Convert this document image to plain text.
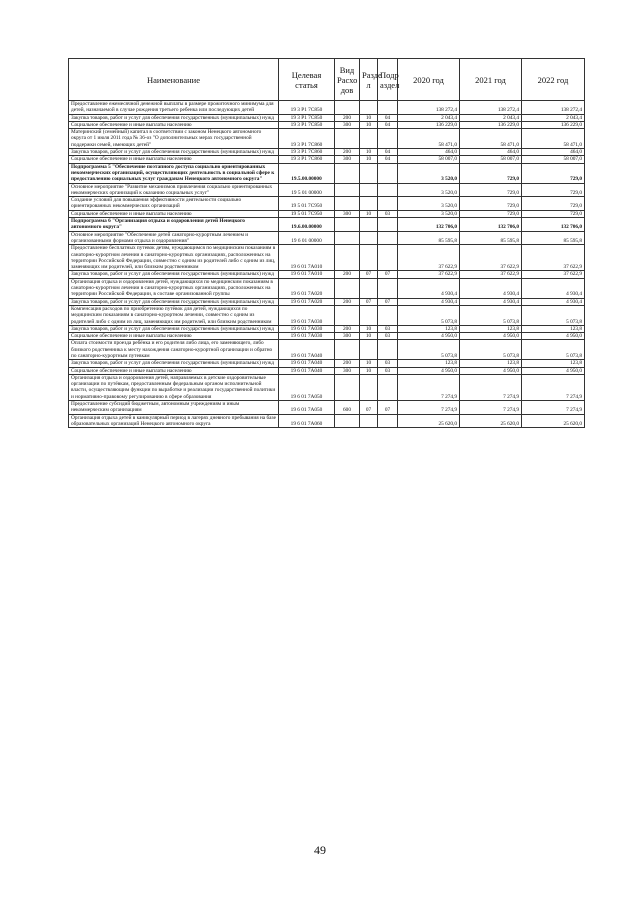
Наименование	Целевая статья	Вид Расхо дов	Разде л	Подр аздел	2020 год	2021 год	2022 год
Предоставление ежемесячной денежной выплаты в размере прожиточного минимума для детей, назначаемой в случае рождения третьего ребенка или последующих детей	19 3 P1 7С850				138 272,4	138 272,4	138 272,4
Закупка товаров, работ и услуг для обеспечения государственных (муниципальных) нужд	19 3 P1 7С850	200	10	04	2 043,4	2 043,4	2 043,4
Социальное обеспечение и иные выплаты населению	19 3 P1 7С850	300	10	04	136 229,0	136 229,0	136 229,0
Материнский (семейный) капитал в соответствии с законом Ненецкого автономного округа от 1 июля 2011 года № 36-оз "О дополнительных мерах государственной поддержки семей, имеющих детей"	19 3 P1 7С860				58 471,0	58 471,0	58 471,0
Закупка товаров, работ и услуг для обеспечения государственных (муниципальных) нужд	19 3 P1 7С860	200	10	04	464,0	464,0	464,0
Социальное обеспечение и иные выплаты населению	19 3 P1 7С860	300	10	04	58 007,0	58 007,0	58 007,0
Подпрограмма 5 "Обеспечение поэтапного доступа социально ориентированных некоммерческих организаций, осуществляющих деятельность в социальной сфере к предоставлению социальных услуг гражданам Ненецкого автономного округа"	19.5.00.00000				3 520,0	729,0	729,0
Основное мероприятие "Развитие механизмов привлечения социально ориентированных некоммерческих организаций к оказанию социальных услуг"	19 5 01 00000				3 520,0	729,0	729,0
Создание условий для повышения эффективности деятельности социально ориентированных некоммерческих организаций	19 5 01 7С950				3 520,0	729,0	729,0
Социальное обеспечение и иные выплаты населению	19 5 01 7С950	300	10	03	3 520,0	729,0	729,0
Подпрограмма 6 "Организация отдыха и оздоровления детей Ненецкого автономного округа"	19.6.00.00000				132 706,0	132 706,0	132 706,0
Основное мероприятие "Обеспечение детей санаторно-курортным лечением и организованными формами отдыха и оздоровления"	19 6 01 00000				85 595,8	85 595,8	85 595,8
Предоставление бесплатных путевок детям, нуждающимся по медицинским показаниям в санаторно-курортном лечении в санаторно-курортных организациях, расположенных на территории Российской Федерации, совместно с одним из родителей либо с одним из лиц, заменяющих им родителей, или близким родственником	19 6 01 7А010				37 622,9	37 622,9	37 622,9
Закупка товаров, работ и услуг для обеспечения государственных (муниципальных) нужд	19 6 01 7А010	200	07	07	37 622,9	37 622,9	37 622,9
Организация отдыха и оздоровления детей, нуждающихся по медицинским показаниям в санаторно-курортном лечении в санаторно-курортных организациях, расположенных на территории Российской Федерации, в составе организованной группы	19 6 01 7А020				4 930,4	4 930,4	4 930,4
Закупка товаров, работ и услуг для обеспечения государственных (муниципальных) нужд	19 6 01 7А020	200	07	07	4 930,4	4 930,4	4 930,4
Компенсация расходов по приобретению путёвок для детей, нуждающихся по медицинским показаниям в санаторно-курортном лечении, совместно с одним из родителей либо с одним из лиц, заменяющих им родителей, или близким родственником	19 6 01 7А030				5 073,8	5 073,8	5 073,8
Закупка товаров, работ и услуг для обеспечения государственных (муниципальных) нужд	19 6 01 7А030	200	10	03	123,8	123,8	123,8
Социальное обеспечение и иные выплаты населению	19 6 01 7А030	300	10	03	4 950,0	4 950,0	4 950,0
Оплата стоимости проезда ребёнка и его родителя либо лица, его заменяющего, либо близкого родственника к месту нахождения санаторно-курортной организации и обратно по санаторно-курортным путевкам	19 6 01 7А040				5 073,8	5 073,8	5 073,8
Закупка товаров, работ и услуг для обеспечения государственных (муниципальных) нужд	19 6 01 7А040	200	10	03	123,8	123,8	123,8
Социальное обеспечение и иные выплаты населению	19 6 01 7А040	300	10	03	4 950,0	4 950,0	4 950,0
Организация отдыха и оздоровления детей, направляемых в детские оздоровительные организации по путёвкам, предоставленным федеральным органом исполнительной власти, осуществляющим функции по выработке и реализации государственной политики и нормативно-правовому регулированию в сфере образования	19 6 01 7А050				7 274,9	7 274,9	7 274,9
Предоставление субсидий бюджетным, автономным учреждениям и иным некоммерческим организациям	19 6 01 7А050	600	07	07	7 274,9	7 274,9	7 274,9
Организация отдыха детей в каникулярный период в лагерях дневного пребывания на базе образовательных организаций Ненецкого автономного округа	19 6 01 7А060				25 620,0	25 620,0	25 620,0
49
